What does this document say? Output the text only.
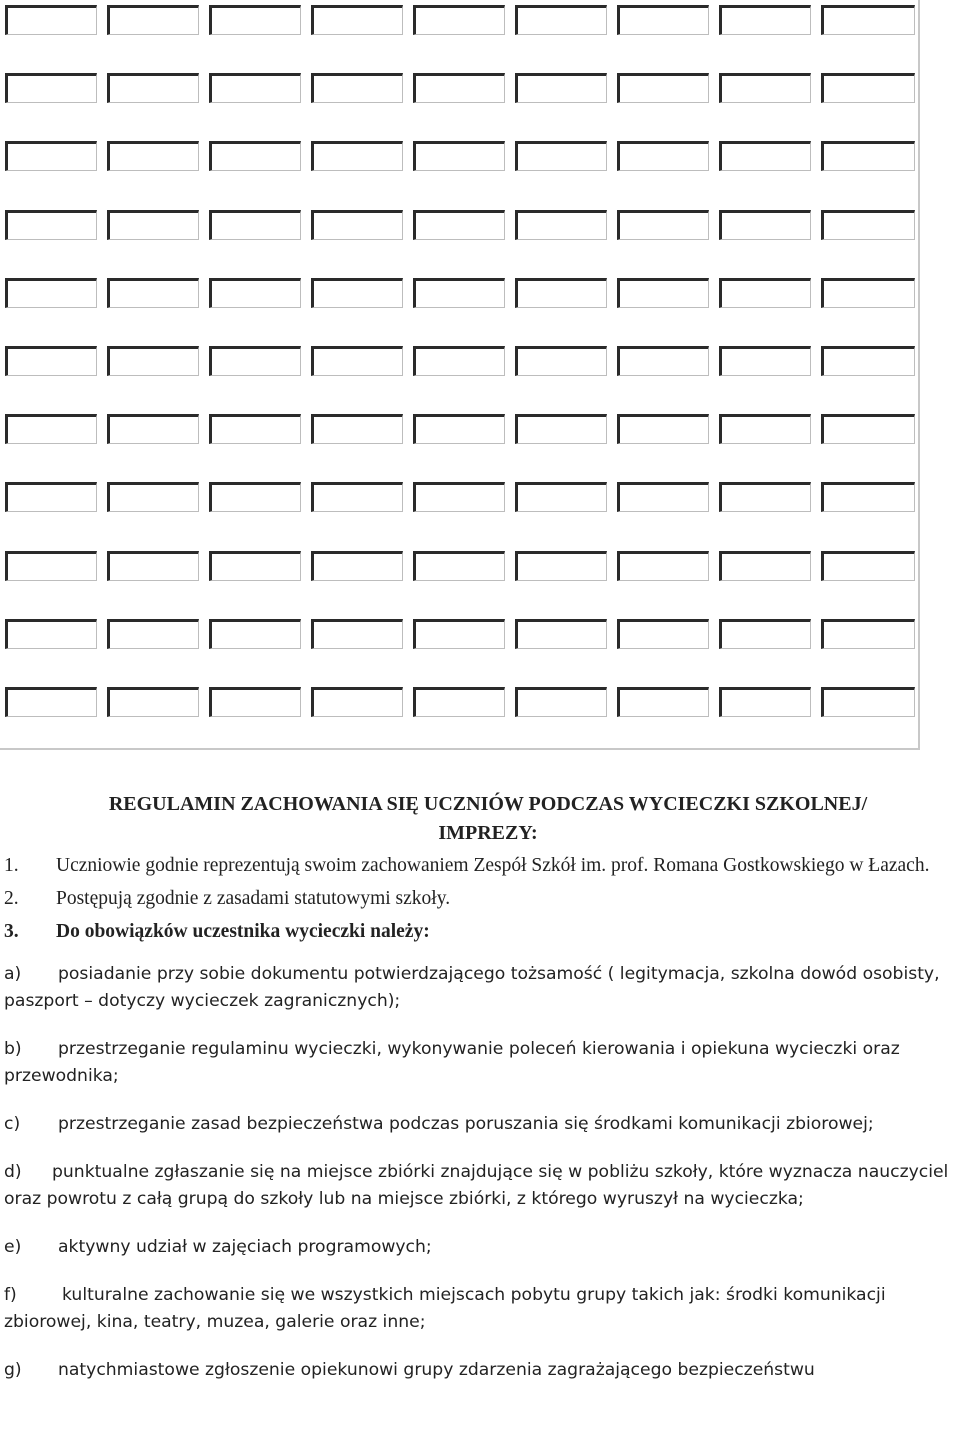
REGULAMIN ZACHOWANIA SIĘ UCZNIÓW PODCZAS WYCIECZKI SZKOLNEJ/
IMPREZY:

1. Uczniowie godnie reprezentują swoim zachowaniem Zespół Szkół im. prof. Romana Gostkowskiego w Łazach.

2. Postępują zgodnie z zasadami statutowymi szkoły.

3. Do obowiązków uczestnika wycieczki należy:

a) posiadanie przy sobie dokumentu potwierdzającego tożsamość ( legitymacja, szkolna dowód osobisty, paszport – dotyczy wycieczek zagranicznych);

b) przestrzeganie regulaminu wycieczki, wykonywanie poleceń kierowania i opiekuna wycieczki oraz przewodnika;

c) przestrzeganie zasad bezpieczeństwa podczas poruszania się środkami komunikacji zbiorowej;

d) punktualne zgłaszanie się na miejsce zbiórki znajdujące się w pobliżu szkoły, które wyznacza nauczyciel oraz powrotu z całą grupą do szkoły lub na miejsce zbiórki, z którego wyruszył na wycieczka;

e) aktywny udział w zajęciach programowych;

f)	kulturalne zachowanie się we wszystkich miejscach pobytu grupy takich jak: środki komunikacji zbiorowej, kina, teatry, muzea, galerie oraz inne;

g) natychmiastowe zgłoszenie opiekunowi grupy zdarzenia zagrażającego bezpieczeństwu
